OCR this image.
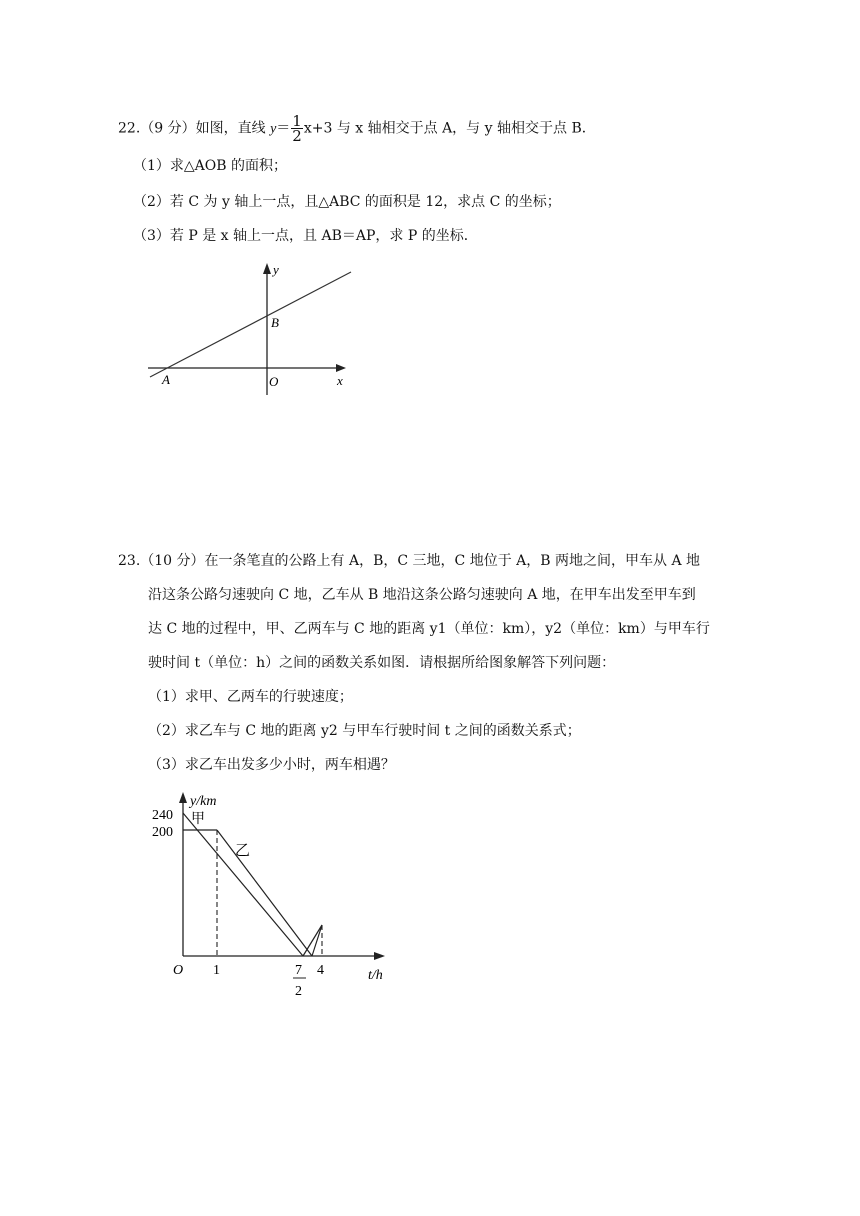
22.（9 分）如图，直线 $y= \frac{1}{2} x+3$ 与 x 轴相交于点 A，与 y 轴相交于点 B．
（1）求△AOB 的面积；
（2）若 C 为 y 轴上一点，且△ABC 的面积是 12，求点 C 的坐标；
（3）若 P 是 x 轴上一点，且 AB＝AP，求 P 的坐标．
y
B
A	O	x
23.（10 分）在一条笔直的公路上有 A，B，C 三地，C 地位于 A，B 两地之间，甲车从 A 地
沿这条公路匀速驶向 C 地，乙车从 B 地沿这条公路匀速驶向 A 地，在甲车出发至甲车到
达 C 地的过程中，甲、乙两车与 C 地的距离 y1（单位：km），y2（单位：km）与甲车行
驶时间 t（单位：h）之间的函数关系如图．请根据所给图象解答下列问题：
（1）求甲、乙两车的行驶速度；
（2）求乙车与 C 地的距离 y2 与甲车行驶时间 t 之间的函数关系式；
（3）求乙车出发多少小时，两车相遇？
y/km
240
200
甲
乙
O 1	7
2
4	t/h
